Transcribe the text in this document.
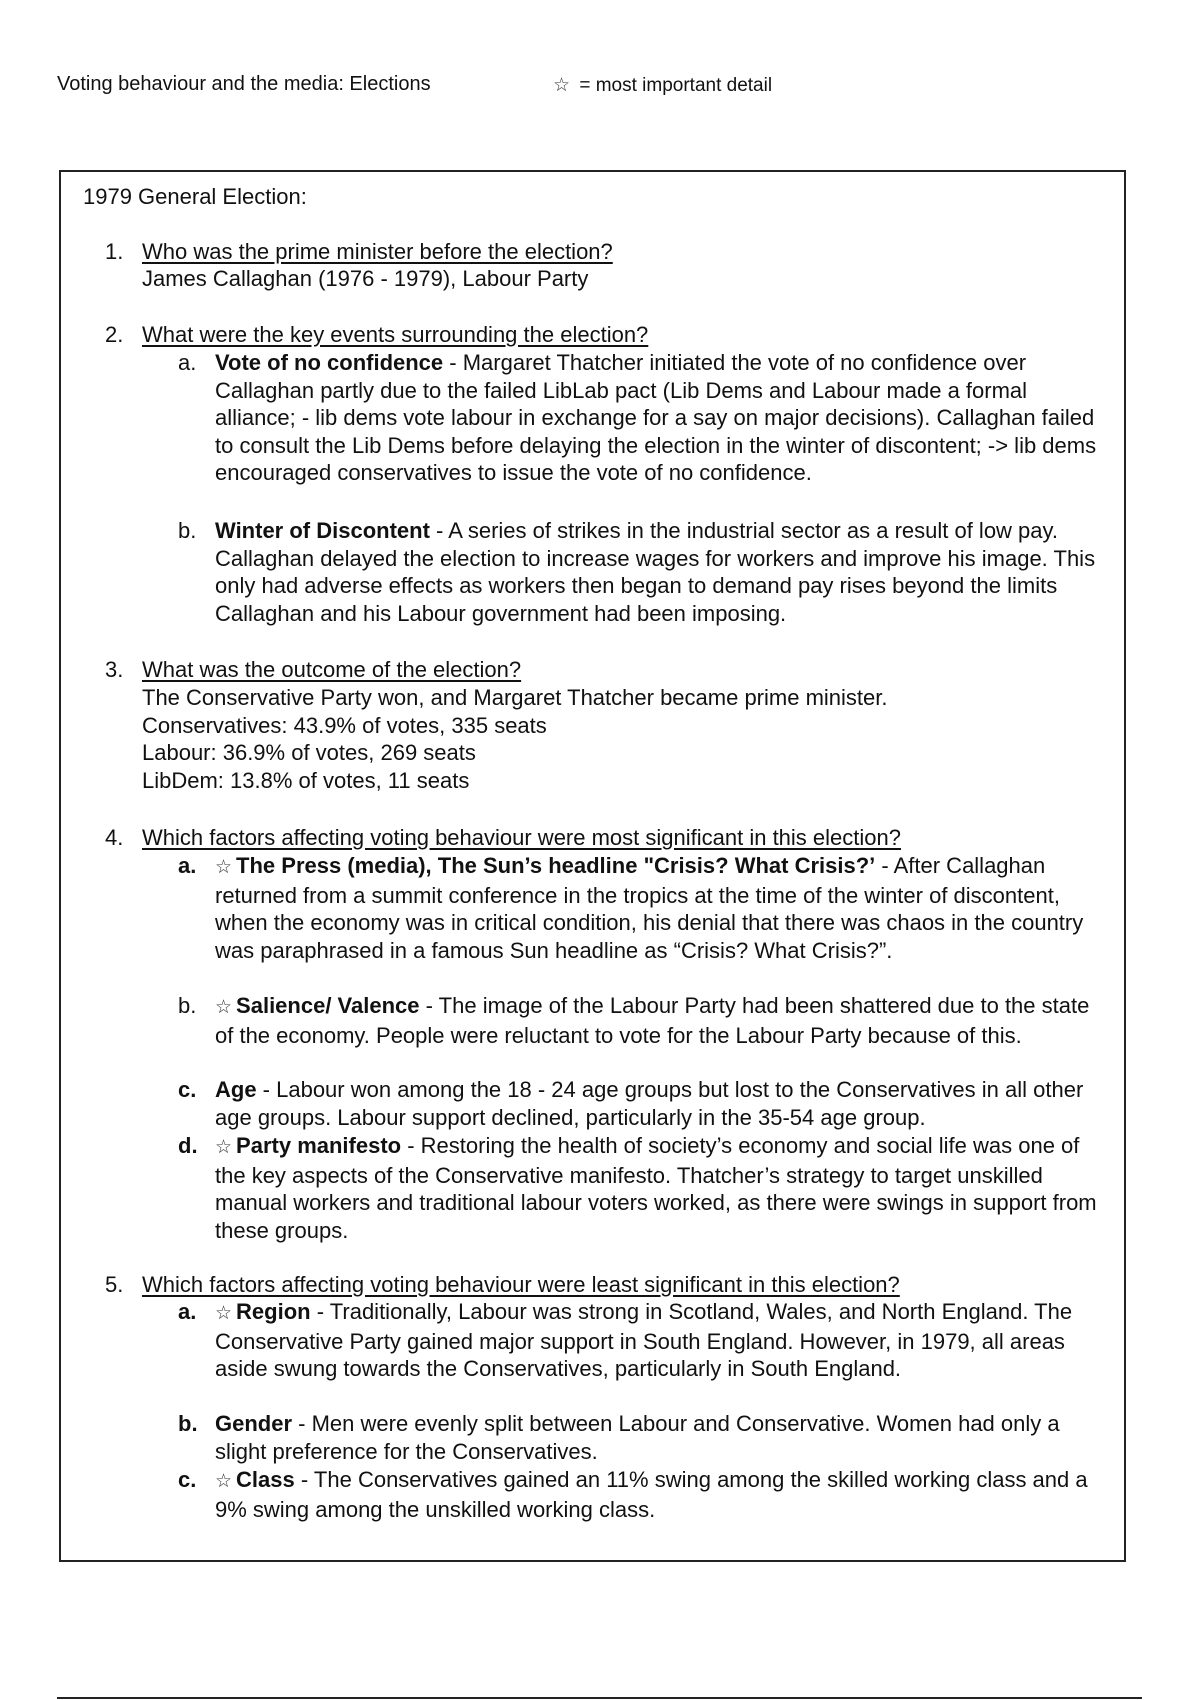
Voting behaviour and the media: Elections	☆ = most important detail
1979 General Election:
1. Who was the prime minister before the election?
James Callaghan (1976 - 1979), Labour Party
2. What were the key events surrounding the election?
a. Vote of no confidence - Margaret Thatcher initiated the vote of no confidence over Callaghan partly due to the failed LibLab pact (Lib Dems and Labour made a formal alliance; - lib dems vote labour in exchange for a say on major decisions). Callaghan failed to consult the Lib Dems before delaying the election in the winter of discontent; -> lib dems encouraged conservatives to issue the vote of no confidence.
b. Winter of Discontent - A series of strikes in the industrial sector as a result of low pay. Callaghan delayed the election to increase wages for workers and improve his image. This only had adverse effects as workers then began to demand pay rises beyond the limits Callaghan and his Labour government had been imposing.
3. What was the outcome of the election?
The Conservative Party won, and Margaret Thatcher became prime minister.
Conservatives: 43.9% of votes, 335 seats
Labour: 36.9% of votes, 269 seats
LibDem: 13.8% of votes, 11 seats
4. Which factors affecting voting behaviour were most significant in this election?
a. ☆ The Press (media), The Sun’s headline "Crisis? What Crisis?’ - After Callaghan returned from a summit conference in the tropics at the time of the winter of discontent, when the economy was in critical condition, his denial that there was chaos in the country was paraphrased in a famous Sun headline as “Crisis? What Crisis?”.
b. ☆ Salience/ Valence - The image of the Labour Party had been shattered due to the state of the economy. People were reluctant to vote for the Labour Party because of this.
c. Age - Labour won among the 18 - 24 age groups but lost to the Conservatives in all other age groups. Labour support declined, particularly in the 35-54 age group.
d. ☆ Party manifesto - Restoring the health of society’s economy and social life was one of the key aspects of the Conservative manifesto. Thatcher’s strategy to target unskilled manual workers and traditional labour voters worked, as there were swings in support from these groups.
5. Which factors affecting voting behaviour were least significant in this election?
a. ☆ Region - Traditionally, Labour was strong in Scotland, Wales, and North England. The Conservative Party gained major support in South England. However, in 1979, all areas aside swung towards the Conservatives, particularly in South England.
b. Gender - Men were evenly split between Labour and Conservative. Women had only a slight preference for the Conservatives.
c. ☆ Class - The Conservatives gained an 11% swing among the skilled working class and a 9% swing among the unskilled working class.
